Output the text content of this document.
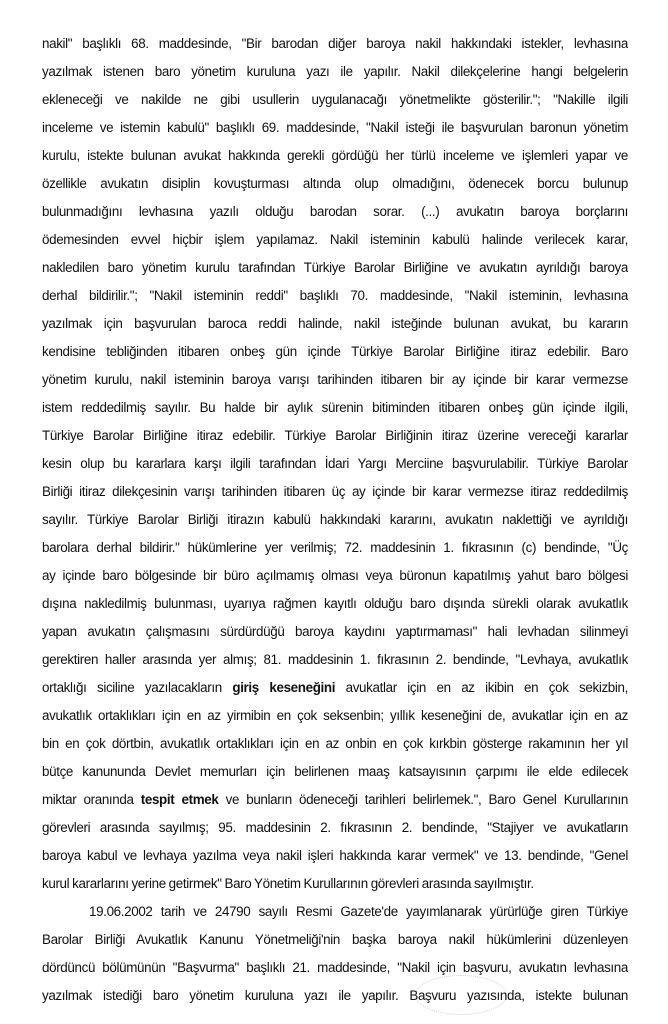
nakil" başlıklı 68. maddesinde, "Bir barodan diğer baroya nakil hakkındaki istekler, levhasına
yazılmak istenen baro yönetim kuruluna yazı ile yapılır. Nakil dilekçelerine hangi belgelerin
ekleneceği ve nakilde ne gibi usullerin uygulanacağı yönetmelikte gösterilir."; "Nakille ilgili
inceleme ve istemin kabulü" başlıklı 69. maddesinde, "Nakil isteği ile başvurulan baronun yönetim
kurulu, istekte bulunan avukat hakkında gerekli gördüğü her türlü inceleme ve işlemleri yapar ve
özellikle avukatın disiplin kovuşturması altında olup olmadığını, ödenecek borcu bulunup
bulunmadığını levhasına yazılı olduğu barodan sorar. (...) avukatın baroya borçlarını
ödemesinden evvel hiçbir işlem yapılamaz. Nakil isteminin kabulü halinde verilecek karar,
nakledilen baro yönetim kurulu tarafından Türkiye Barolar Birliğine ve avukatın ayrıldığı baroya
derhal bildirilir."; "Nakil isteminin reddi" başlıklı 70. maddesinde, "Nakil isteminin, levhasına
yazılmak için başvurulan baroca reddi halinde, nakil isteğinde bulunan avukat, bu kararın
kendisine tebliğinden itibaren onbeş gün içinde Türkiye Barolar Birliğine itiraz edebilir. Baro
yönetim kurulu, nakil isteminin baroya varışı tarihinden itibaren bir ay içinde bir karar vermezse
istem reddedilmiş sayılır. Bu halde bir aylık sürenin bitiminden itibaren onbeş gün içinde ilgili,
Türkiye Barolar Birliğine itiraz edebilir. Türkiye Barolar Birliğinin itiraz üzerine vereceği kararlar
kesin olup bu kararlara karşı ilgili tarafından İdari Yargı Merciine başvurulabilir. Türkiye Barolar
Birliği itiraz dilekçesinin varışı tarihinden itibaren üç ay içinde bir karar vermezse itiraz reddedilmiş
sayılır. Türkiye Barolar Birliği itirazın kabulü hakkındaki kararını, avukatın naklettiği ve ayrıldığı
barolara derhal bildirir." hükümlerine yer verilmiş; 72. maddesinin 1. fıkrasının (c) bendinde, "Üç
ay içinde baro bölgesinde bir büro açılmamış olması veya büronun kapatılmış yahut baro bölgesi
dışına nakledilmiş bulunması, uyarıya rağmen kayıtlı olduğu baro dışında sürekli olarak avukatlık
yapan avukatın çalışmasını sürdürdüğü baroya kaydını yaptırmaması" hali levhadan silinmeyi
gerektiren haller arasında yer almış; 81. maddesinin 1. fıkrasının 2. bendinde, "Levhaya, avukatlık
ortaklığı siciline yazılacakların giriş keseneğini avukatlar için en az ikibin en çok sekizbin,
avukatlık ortaklıkları için en az yirmibin en çok seksenbin; yıllık keseneğini de, avukatlar için en az
bin en çok dörtbin, avukatlık ortaklıkları için en az onbin en çok kırkbin gösterge rakamının her yıl
bütçe kanununda Devlet memurları için belirlenen maaş katsayısının çarpımı ile elde edilecek
miktar oranında tespit etmek ve bunların ödeneceği tarihleri belirlemek.", Baro Genel Kurullarının
görevleri arasında sayılmış; 95. maddesinin 2. fıkrasının 2. bendinde, "Stajiyer ve avukatların
baroya kabul ve levhaya yazılma veya nakil işleri hakkında karar vermek" ve 13. bendinde, "Genel
kurul kararlarını yerine getirmek" Baro Yönetim Kurullarının görevleri arasında sayılmıştır.
19.06.2002 tarih ve 24790 sayılı Resmi Gazete'de yayımlanarak yürürlüğe giren Türkiye
Barolar Birliği Avukatlık Kanunu Yönetmeliği'nin başka baroya nakil hükümlerini düzenleyen
dördüncü bölümünün "Başvurma" başlıklı 21. maddesinde, "Nakil için başvuru, avukatın levhasına
yazılmak istediği baro yönetim kuruluna yazı ile yapılır. Başvuru yazısında, istekte bulunan
